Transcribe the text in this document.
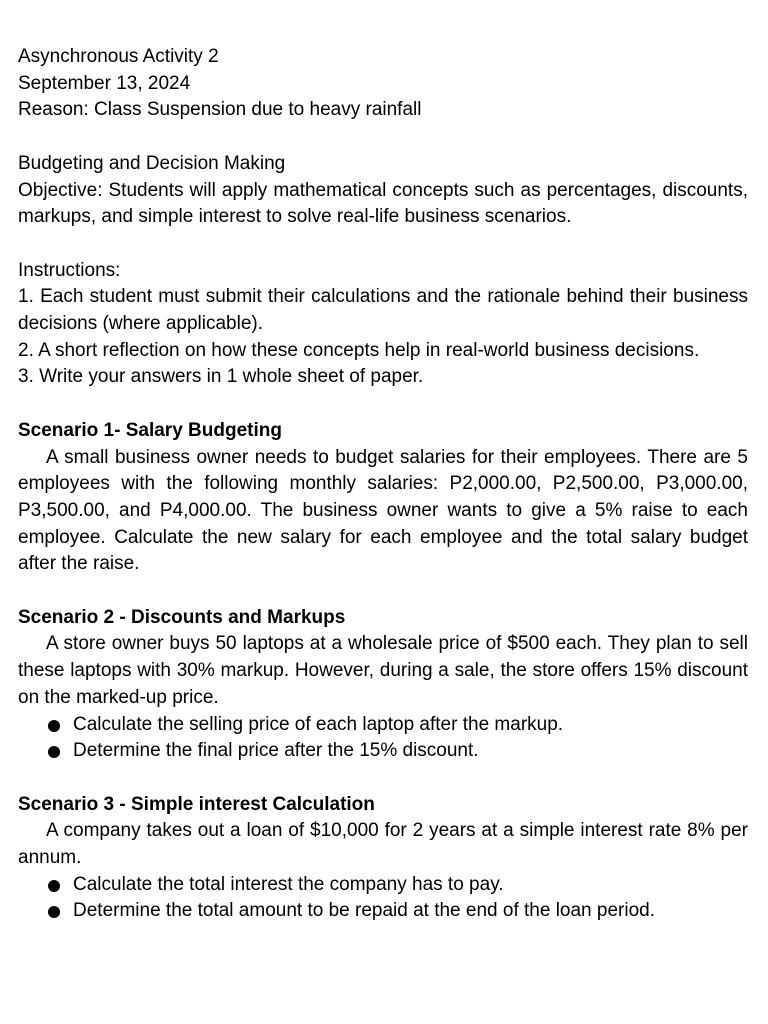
Asynchronous Activity 2
September 13, 2024
Reason: Class Suspension due to heavy rainfall
Budgeting and Decision Making

Objective: Students will apply mathematical concepts such as percentages, discounts, markups, and simple interest to solve real-life business scenarios.

Instructions:

1. Each student must submit their calculations and the rationale behind their business decisions (where applicable).

2. A short reflection on how these concepts help in real-world business decisions.

3. Write your answers in 1 whole sheet of paper.

Scenario 1- Salary Budgeting

A small business owner needs to budget salaries for their employees. There are 5 employees with the following monthly salaries: P2,000.00, P2,500.00, P3,000.00, P3,500.00, and P4,000.00. The business owner wants to give a 5% raise to each employee. Calculate the new salary for each employee and the total salary budget after the raise.

Scenario 2 - Discounts and Markups

A store owner buys 50 laptops at a wholesale price of $500 each. They plan to sell these laptops with 30% markup. However, during a sale, the store offers 15% discount on the marked-up price.

Calculate the selling price of each laptop after the markup.
Determine the final price after the 15% discount.
Scenario 3 - Simple interest Calculation

A company takes out a loan of $10,000 for 2 years at a simple interest rate 8% per annum.

Calculate the total interest the company has to pay.
Determine the total amount to be repaid at the end of the loan period.
